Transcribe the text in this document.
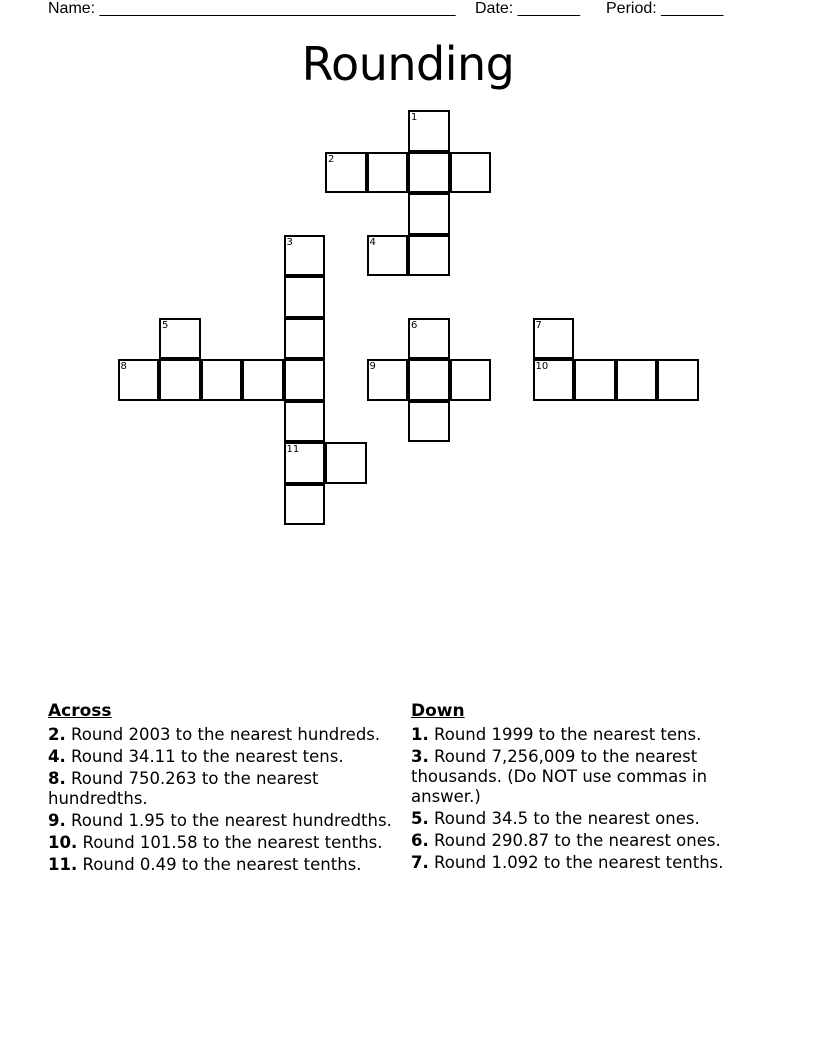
Name: ________________________________________ Date: _______ Period: _______
Rounding
1
2
3	4
5	6	7
8	9	10
11
Across
2. Round 2003 to the nearest hundreds.
4. Round 34.11 to the nearest tens.
8. Round 750.263 to the nearest hundredths.
9. Round 1.95 to the nearest hundredths.
10. Round 101.58 to the nearest tenths.
11. Round 0.49 to the nearest tenths.
Down
1. Round 1999 to the nearest tens.
3. Round 7,256,009 to the nearest thousands. (Do NOT use commas in answer.)
5. Round 34.5 to the nearest ones.
6. Round 290.87 to the nearest ones.
7. Round 1.092 to the nearest tenths.
